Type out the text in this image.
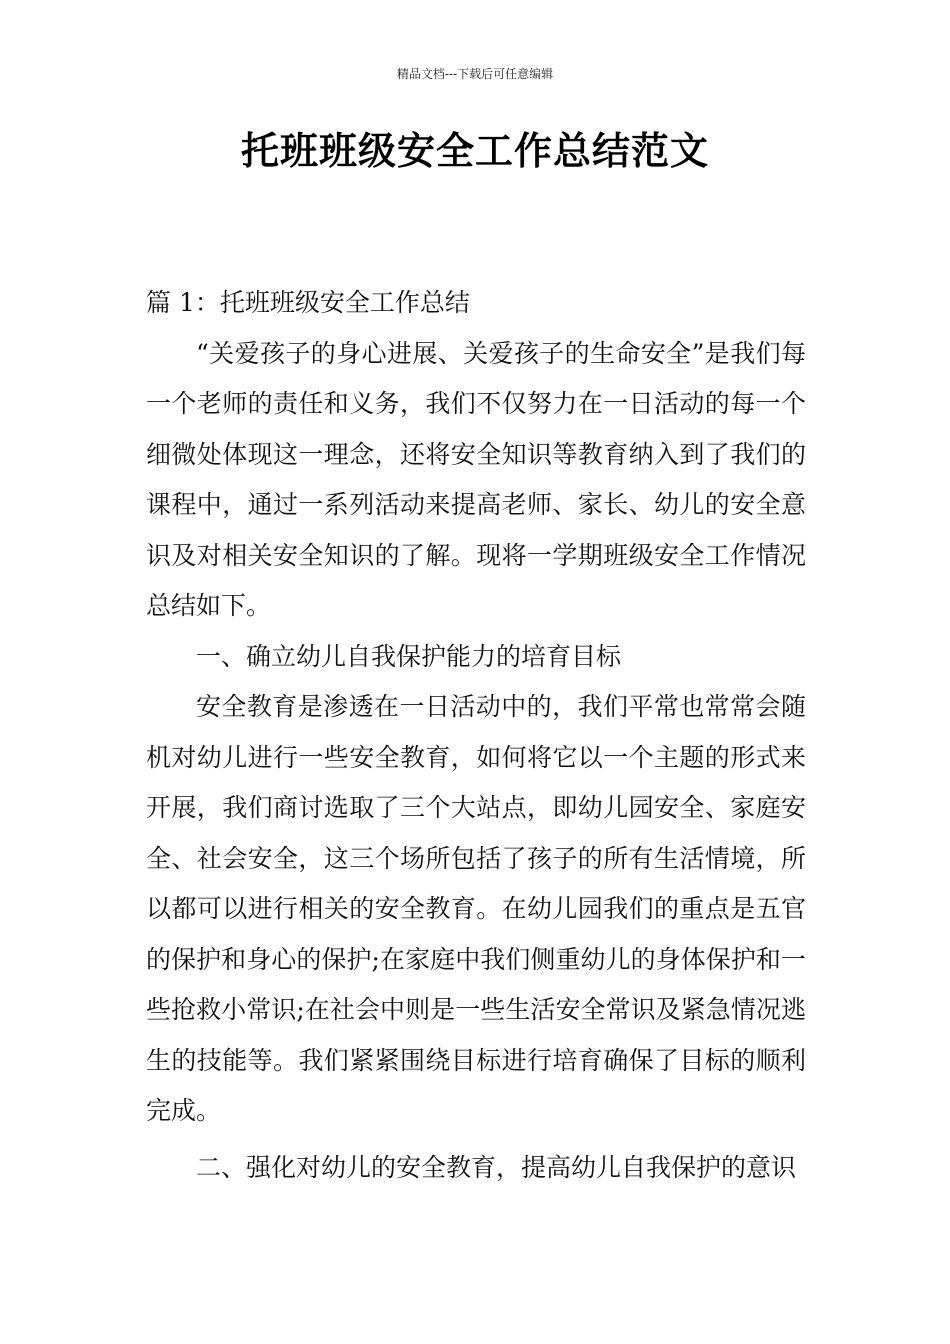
精品文档---下载后可任意编辑
托班班级安全工作总结范文

篇 1：托班班级安全工作总结

“关爱孩子的身心进展、关爱孩子的生命安全”是我们每一个老师的责任和义务，我们不仅努力在一日活动的每一个细微处体现这一理念，还将安全知识等教育纳入到了我们的课程中，通过一系列活动来提高老师、家长、幼儿的安全意识及对相关安全知识的了解。现将一学期班级安全工作情况总结如下。

一、确立幼儿自我保护能力的培育目标

安全教育是渗透在一日活动中的，我们平常也常常会随机对幼儿进行一些安全教育，如何将它以一个主题的形式来开展，我们商讨选取了三个大站点，即幼儿园安全、家庭安全、社会安全，这三个场所包括了孩子的所有生活情境，所以都可以进行相关的安全教育。在幼儿园我们的重点是五官的保护和身心的保护;在家庭中我们侧重幼儿的身体保护和一些抢救小常识;在社会中则是一些生活安全常识及紧急情况逃生的技能等。我们紧紧围绕目标进行培育确保了目标的顺利完成。

二、强化对幼儿的安全教育，提高幼儿自我保护的意识
